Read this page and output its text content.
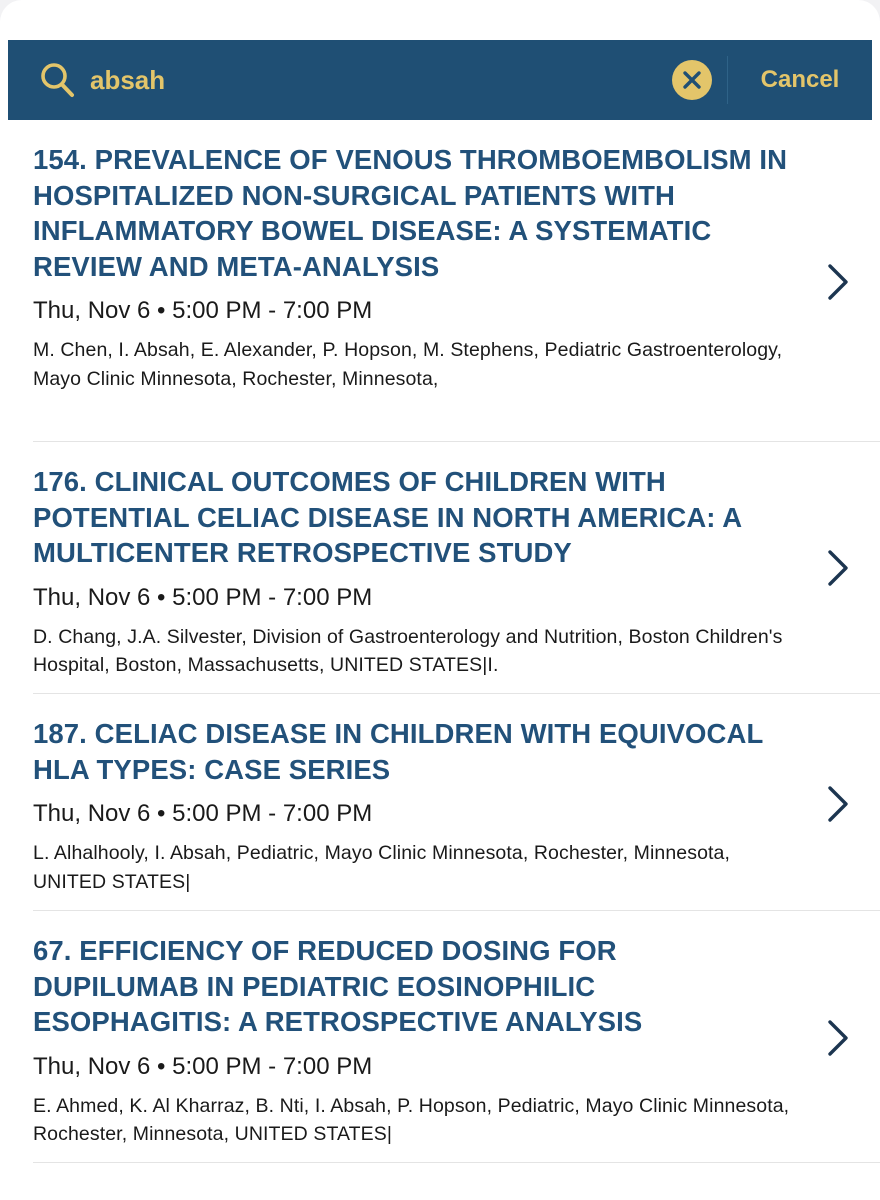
absah	Cancel
154. PREVALENCE OF VENOUS THROMBOEMBOLISM IN HOSPITALIZED NON-SURGICAL PATIENTS WITH INFLAMMATORY BOWEL DISEASE: A SYSTEMATIC REVIEW AND META-ANALYSIS
Thu, Nov 6 • 5:00 PM - 7:00 PM
M. Chen, I. Absah, E. Alexander, P. Hopson, M. Stephens, Pediatric Gastroenterology, Mayo Clinic Minnesota, Rochester, Minnesota,
176. CLINICAL OUTCOMES OF CHILDREN WITH POTENTIAL CELIAC DISEASE IN NORTH AMERICA: A MULTICENTER RETROSPECTIVE STUDY
Thu, Nov 6 • 5:00 PM - 7:00 PM
D. Chang, J.A. Silvester, Division of Gastroenterology and Nutrition, Boston Children's Hospital, Boston, Massachusetts, UNITED STATES|I.
187. CELIAC DISEASE IN CHILDREN WITH EQUIVOCAL HLA TYPES: CASE SERIES
Thu, Nov 6 • 5:00 PM - 7:00 PM
L. Alhalhooly, I. Absah, Pediatric, Mayo Clinic Minnesota, Rochester, Minnesota, UNITED STATES|
67. EFFICIENCY OF REDUCED DOSING FOR DUPILUMAB IN PEDIATRIC EOSINOPHILIC ESOPHAGITIS: A RETROSPECTIVE ANALYSIS
Thu, Nov 6 • 5:00 PM - 7:00 PM
E. Ahmed, K. Al Kharraz, B. Nti, I. Absah, P. Hopson, Pediatric, Mayo Clinic Minnesota, Rochester, Minnesota, UNITED STATES|
